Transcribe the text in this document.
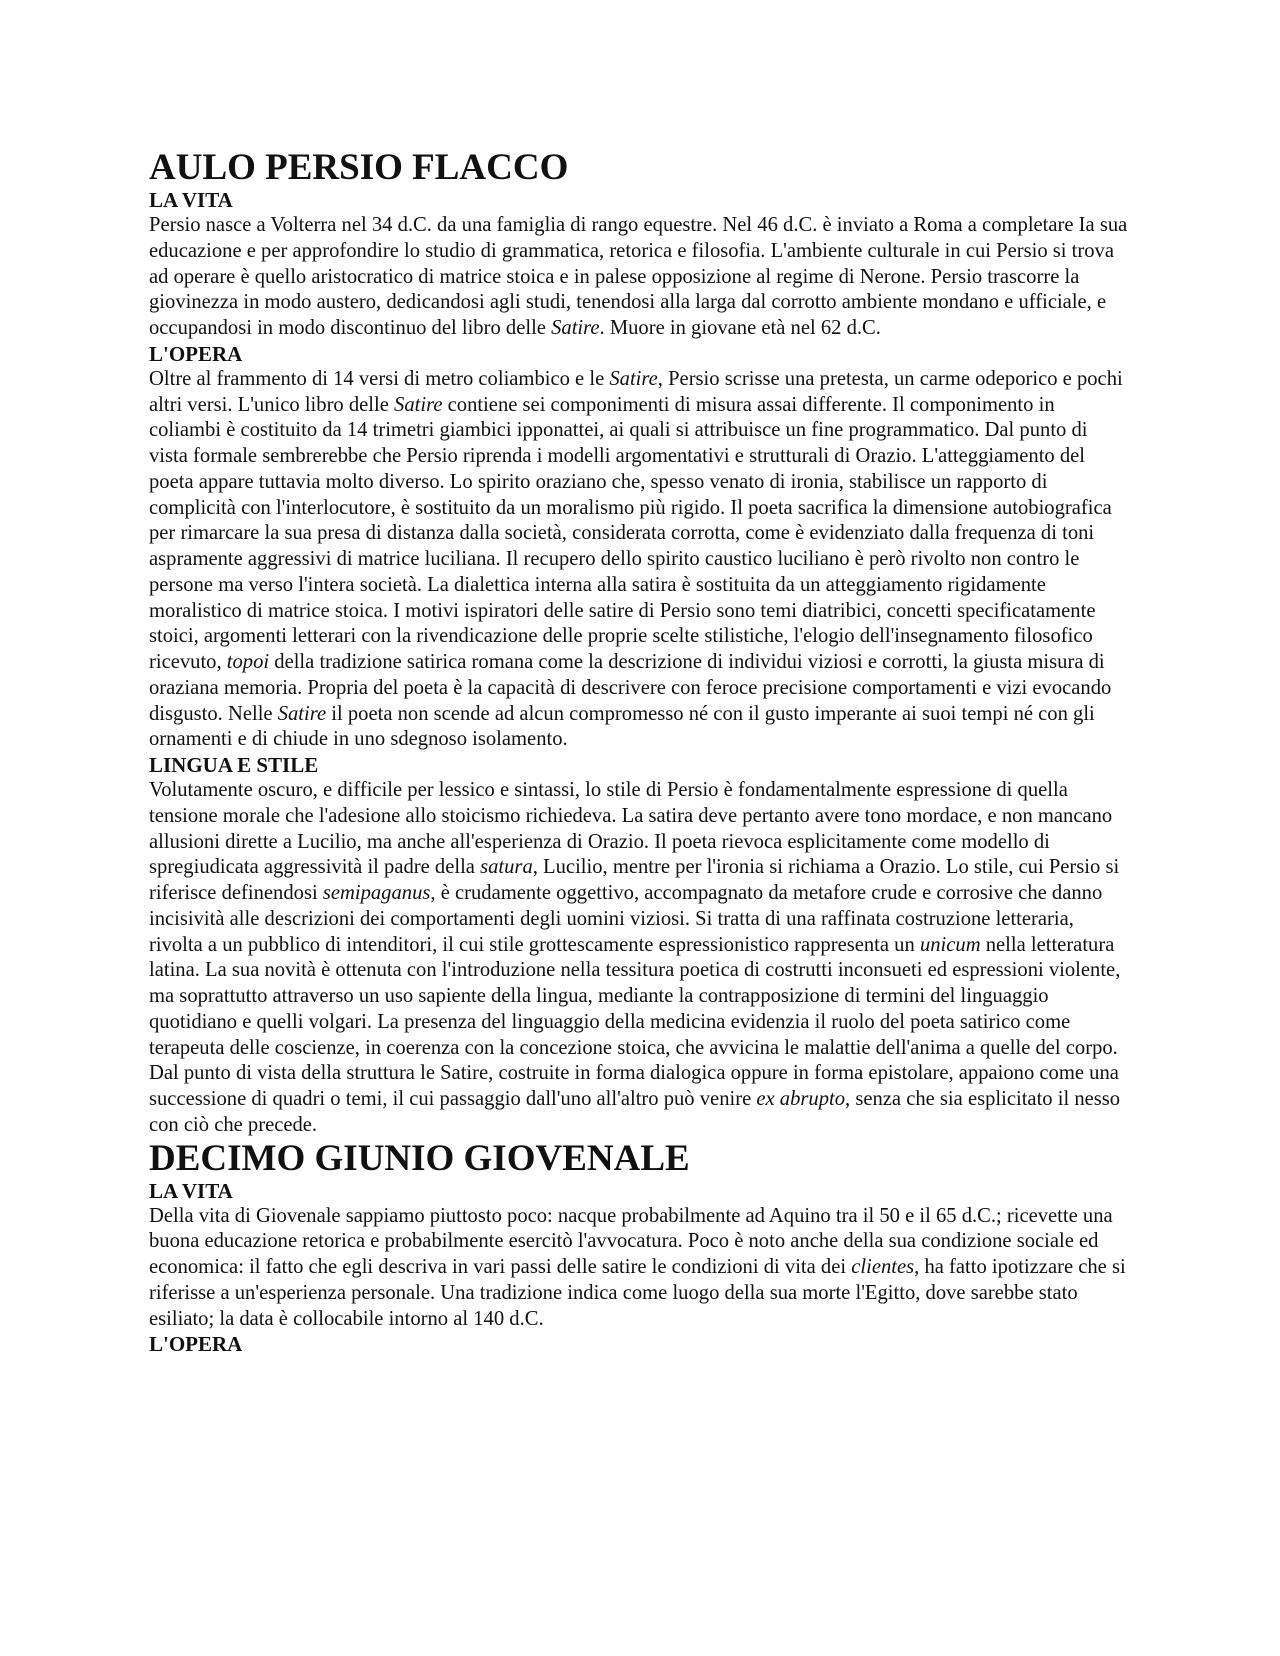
AULO PERSIO FLACCO
LA VITA

Persio nasce a Volterra nel 34 d.C. da una famiglia di rango equestre. Nel 46 d.C. è inviato a Roma a completare Ia sua educazione e per approfondire lo studio di grammatica, retorica e filosofia. L'ambiente culturale in cui Persio si trova ad operare è quello aristocratico di matrice stoica e in palese opposizione al regime di Nerone. Persio trascorre la giovinezza in modo austero, dedicandosi agli studi, tenendosi alla larga dal corrotto ambiente mondano e ufficiale, e occupandosi in modo discontinuo del libro delle Satire. Muore in giovane età nel 62 d.C.

L'OPERA

Oltre al frammento di 14 versi di metro coliambico e le Satire, Persio scrisse una pretesta, un carme odeporico e pochi altri versi. L'unico libro delle Satire contiene sei componimenti di misura assai differente. Il componimento in coliambi è costituito da 14 trimetri giambici ipponattei, ai quali si attribuisce un fine programmatico. Dal punto di vista formale sembrerebbe che Persio riprenda i modelli argomentativi e strutturali di Orazio. L'atteggiamento del poeta appare tuttavia molto diverso. Lo spirito oraziano che, spesso venato di ironia, stabilisce un rapporto di complicità con l'interlocutore, è sostituito da un moralismo più rigido. Il poeta sacrifica la dimensione autobiografica per rimarcare la sua presa di distanza dalla società, considerata corrotta, come è evidenziato dalla frequenza di toni aspramente aggressivi di matrice luciliana. Il recupero dello spirito caustico luciliano è però rivolto non contro le persone ma verso l'intera società. La dialettica interna alla satira è sostituita da un atteggiamento rigidamente moralistico di matrice stoica. I motivi ispiratori delle satire di Persio sono temi diatribici, concetti specificatamente stoici, argomenti letterari con la rivendicazione delle proprie scelte stilistiche, l'elogio dell'insegnamento filosofico ricevuto, topoi della tradizione satirica romana come la descrizione di individui viziosi e corrotti, la giusta misura di oraziana memoria. Propria del poeta è la capacità di descrivere con feroce precisione comportamenti e vizi evocando disgusto. Nelle Satire il poeta non scende ad alcun compromesso né con il gusto imperante ai suoi tempi né con gli ornamenti e di chiude in uno sdegnoso isolamento.

LINGUA E STILE

Volutamente oscuro, e difficile per lessico e sintassi, lo stile di Persio è fondamentalmente espressione di quella tensione morale che l'adesione allo stoicismo richiedeva. La satira deve pertanto avere tono mordace, e non mancano allusioni dirette a Lucilio, ma anche all'esperienza di Orazio. Il poeta rievoca esplicitamente come modello di spregiudicata aggressività il padre della satura, Lucilio, mentre per l'ironia si richiama a Orazio. Lo stile, cui Persio si riferisce definendosi semipaganus, è crudamente oggettivo, accompagnato da metafore crude e corrosive che danno incisività alle descrizioni dei comportamenti degli uomini viziosi. Si tratta di una raffinata costruzione letteraria, rivolta a un pubblico di intenditori, il cui stile grottescamente espressionistico rappresenta un unicum nella letteratura latina. La sua novità è ottenuta con l'introduzione nella tessitura poetica di costrutti inconsueti ed espressioni violente, ma soprattutto attraverso un uso sapiente della lingua, mediante la contrapposizione di termini del linguaggio quotidiano e quelli volgari. La presenza del linguaggio della medicina evidenzia il ruolo del poeta satirico come terapeuta delle coscienze, in coerenza con la concezione stoica, che avvicina le malattie dell'anima a quelle del corpo. Dal punto di vista della struttura le Satire, costruite in forma dialogica oppure in forma epistolare, appaiono come una successione di quadri o temi, il cui passaggio dall'uno all'altro può venire ex abrupto, senza che sia esplicitato il nesso con ciò che precede.

DECIMO GIUNIO GIOVENALE
LA VITA

Della vita di Giovenale sappiamo piuttosto poco: nacque probabilmente ad Aquino tra il 50 e il 65 d.C.; ricevette una buona educazione retorica e probabilmente esercitò l'avvocatura. Poco è noto anche della sua condizione sociale ed economica: il fatto che egli descriva in vari passi delle satire le condizioni di vita dei clientes, ha fatto ipotizzare che si riferisse a un'esperienza personale. Una tradizione indica come luogo della sua morte l'Egitto, dove sarebbe stato esiliato; la data è collocabile intorno al 140 d.C.

L'OPERA
